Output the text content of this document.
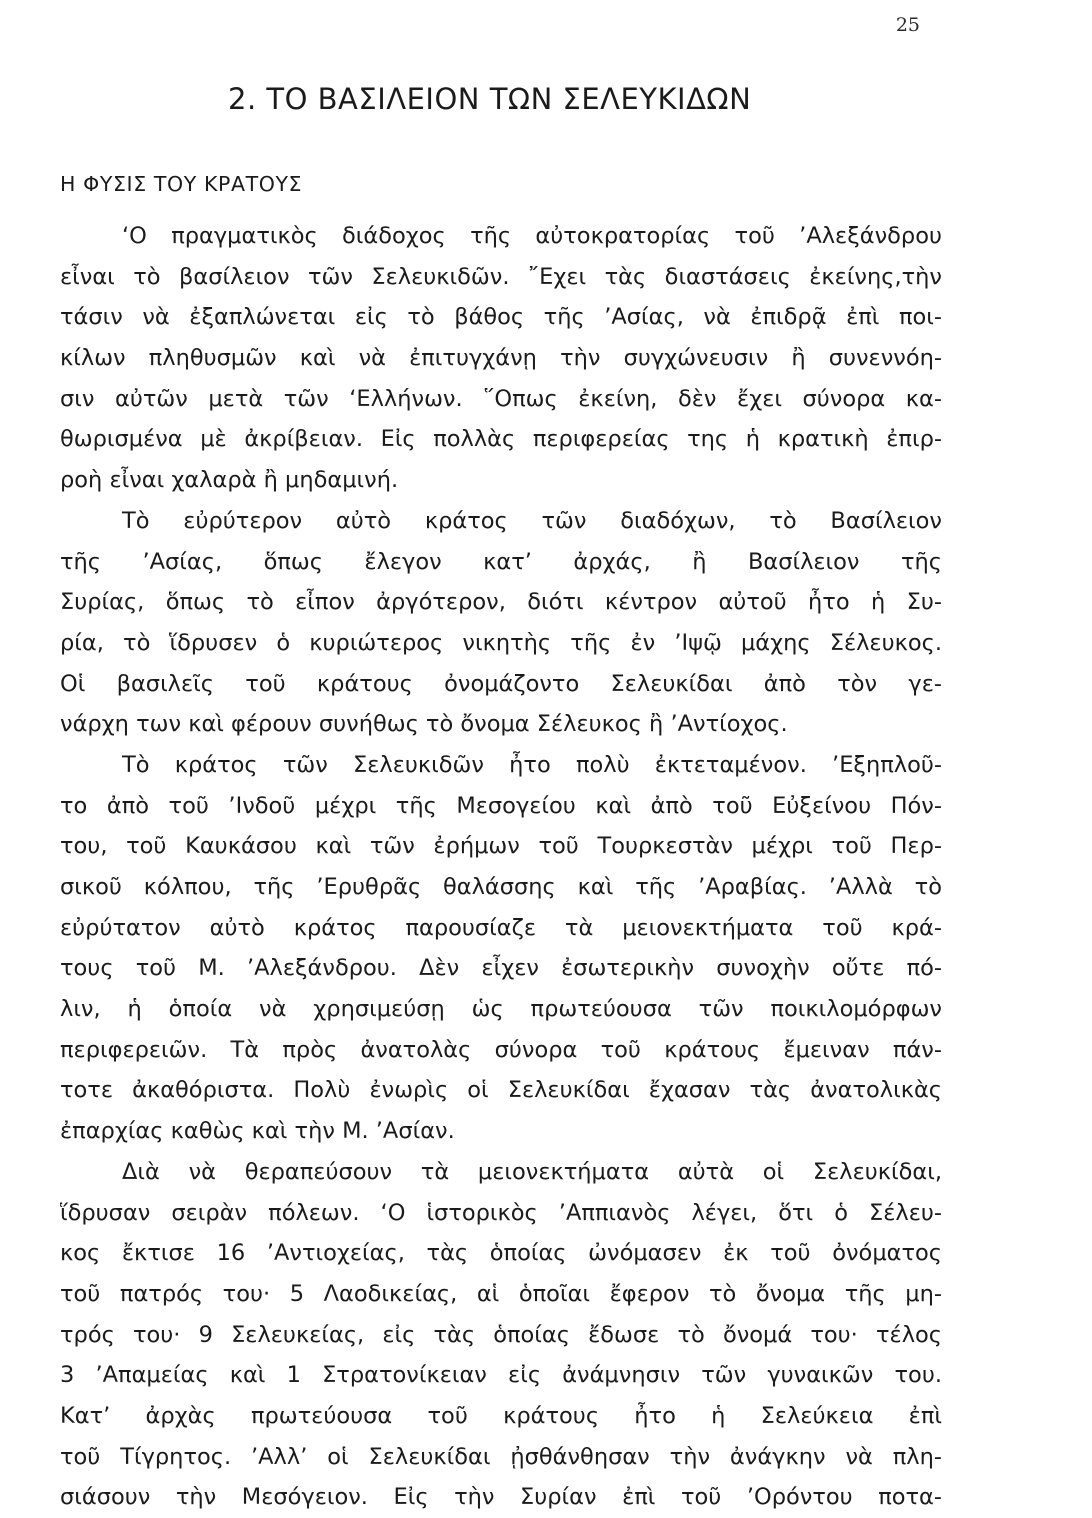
25
2. ΤΟ ΒΑΣΙΛΕΙΟΝ ΤΩΝ ΣΕΛΕΥΚΙΔΩΝ
Η ΦΥΣΙΣ ΤΟΥ ΚΡΑΤΟΥΣ
‘Ο πραγματικὸς διάδοχος τῆς αὐτοκρατορίας τοῦ ’Αλεξάνδρου
εἶναι τὸ βασίλειον τῶν Σελευκιδῶν. ῎Εχει τὰς διαστάσεις ἐκείνης,τὴν
τάσιν νὰ ἐξαπλώνεται εἰς τὸ βάθος τῆς ’Ασίας, νὰ ἐπιδρᾷ ἐπὶ ποι-
κίλων πληθυσμῶν καὶ νὰ ἐπιτυγχάνῃ τὴν συγχώνευσιν ἢ συνεννόη-
σιν αὐτῶν μετὰ τῶν ‘Ελλήνων. ῞Οπως ἐκείνη, δὲν ἔχει σύνορα κα-
θωρισμένα μὲ ἀκρίβειαν. Εἰς πολλὰς περιφερείας της ἡ κρατικὴ ἐπιρ-
ροὴ εἶναι χαλαρὰ ἢ μηδαμινή.
Τὸ εὐρύτερον αὐτὸ κράτος τῶν διαδόχων, τὸ Βασίλειον
τῆς ’Ασίας, ὅπως ἔλεγον κατ’ ἀρχάς, ἢ Βασίλειον τῆς
Συρίας, ὅπως τὸ εἶπον ἀργότερον, διότι κέντρον αὐτοῦ ἦτο ἡ Συ-
ρία, τὸ ἵδρυσεν ὁ κυριώτερος νικητὴς τῆς ἐν ’Ιψῷ μάχης Σέλευκος.
Οἱ βασιλεῖς τοῦ κράτους ὀνομάζοντο Σελευκίδαι ἀπὸ τὸν γε-
νάρχη των καὶ φέρουν συνήθως τὸ ὄνομα Σέλευκος ἢ ’Αντίοχος.
Τὸ κράτος τῶν Σελευκιδῶν ἦτο πολὺ ἐκτεταμένον. ’Εξηπλοῦ-
το ἀπὸ τοῦ ’Ινδοῦ μέχρι τῆς Μεσογείου καὶ ἀπὸ τοῦ Εὐξείνου Πόν-
του, τοῦ Καυκάσου καὶ τῶν ἐρήμων τοῦ Τουρκεστὰν μέχρι τοῦ Περ-
σικοῦ κόλπου, τῆς ’Ερυθρᾶς θαλάσσης καὶ τῆς ’Αραβίας. ’Αλλὰ τὸ
εὐρύτατον αὐτὸ κράτος παρουσίαζε τὰ μειονεκτήματα τοῦ κρά-
τους τοῦ Μ. ’Αλεξάνδρου. Δὲν εἶχεν ἐσωτερικὴν συνοχὴν οὔτε πό-
λιν, ἡ ὁποία νὰ χρησιμεύσῃ ὡς πρωτεύουσα τῶν ποικιλομόρφων
περιφερειῶν. Τὰ πρὸς ἀνατολὰς σύνορα τοῦ κράτους ἔμειναν πάν-
τοτε ἀκαθόριστα. Πολὺ ἐνωρὶς οἱ Σελευκίδαι ἔχασαν τὰς ἀνατολικὰς
ἐπαρχίας καθὼς καὶ τὴν Μ. ’Ασίαν.
Διὰ νὰ θεραπεύσουν τὰ μειονεκτήματα αὐτὰ οἱ Σελευκίδαι,
ἵδρυσαν σειρὰν πόλεων. ‘Ο ἱστορικὸς ’Αππιανὸς λέγει, ὅτι ὁ Σέλευ-
κος ἔκτισε 16 ’Αντιοχείας, τὰς ὁποίας ὠνόμασεν ἐκ τοῦ ὀνόματος
τοῦ πατρός του· 5 Λαοδικείας, αἱ ὁποῖαι ἔφερον τὸ ὄνομα τῆς μη-
τρός του· 9 Σελευκείας, εἰς τὰς ὁποίας ἔδωσε τὸ ὄνομά του· τέλος
3 ’Απαμείας καὶ 1 Στρατονίκειαν εἰς ἀνάμνησιν τῶν γυναικῶν του.
Κατ’ ἀρχὰς πρωτεύουσα τοῦ κράτους ἦτο ἡ Σελεύκεια ἐπὶ
τοῦ Τίγρητος. ’Αλλ’ οἱ Σελευκίδαι ᾐσθάνθησαν τὴν ἀνάγκην νὰ πλη-
σιάσουν τὴν Μεσόγειον. Εἰς τὴν Συρίαν ἐπὶ τοῦ ’Ορόντου ποτα-
